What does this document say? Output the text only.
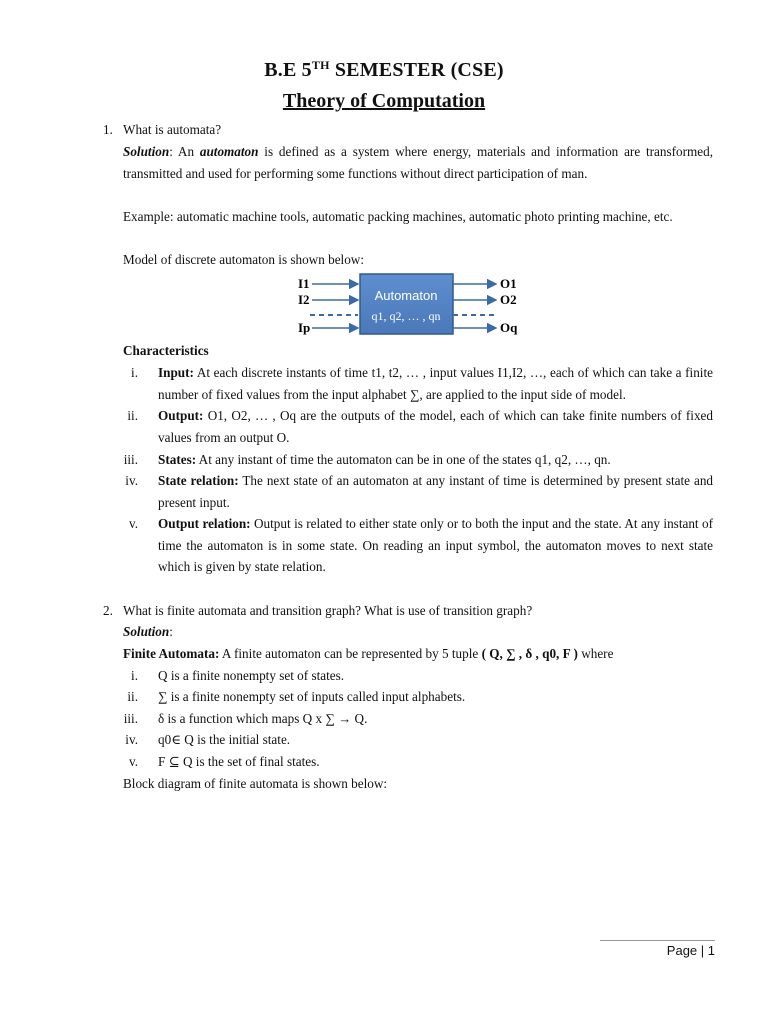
B.E 5TH SEMESTER (CSE)
Theory of Computation
1. What is automata?

Solution: An automaton is defined as a system where energy, materials and information are transformed, transmitted and used for performing some functions without direct participation of man.

Example: automatic machine tools, automatic packing machines, automatic photo printing machine, etc.

Model of discrete automaton is shown below:

Automaton
q1, q2, … , qn
I1
I2
Ip
O1
O2
Oq

Characteristics

i. Input: At each discrete instants of time t1, t2, … , input values I1,I2, …, each of which can take a finite number of fixed values from the input alphabet ∑, are applied to the input side of model.

ii. Output: O1, O2, … , Oq are the outputs of the model, each of which can take finite numbers of fixed values from an output O.

iii. States: At any instant of time the automaton can be in one of the states q1, q2, …, qn.

iv. State relation: The next state of an automaton at any instant of time is determined by present state and present input.

v. Output relation: Output is related to either state only or to both the input and the state. At any instant of time the automaton is in some state. On reading an input symbol, the automaton moves to next state which is given by state relation.

2. What is finite automata and transition graph? What is use of transition graph?

Solution:

Finite Automata: A finite automaton can be represented by 5 tuple ( Q, ∑ , δ , q0, F ) where

i. Q is a finite nonempty set of states.

ii. ∑ is a finite nonempty set of inputs called input alphabets.

iii. δ is a function which maps Q x ∑ → Q.

iv. q0∈ Q is the initial state.

v. F ⊆ Q is the set of final states.

Block diagram of finite automata is shown below:

Page | 1
